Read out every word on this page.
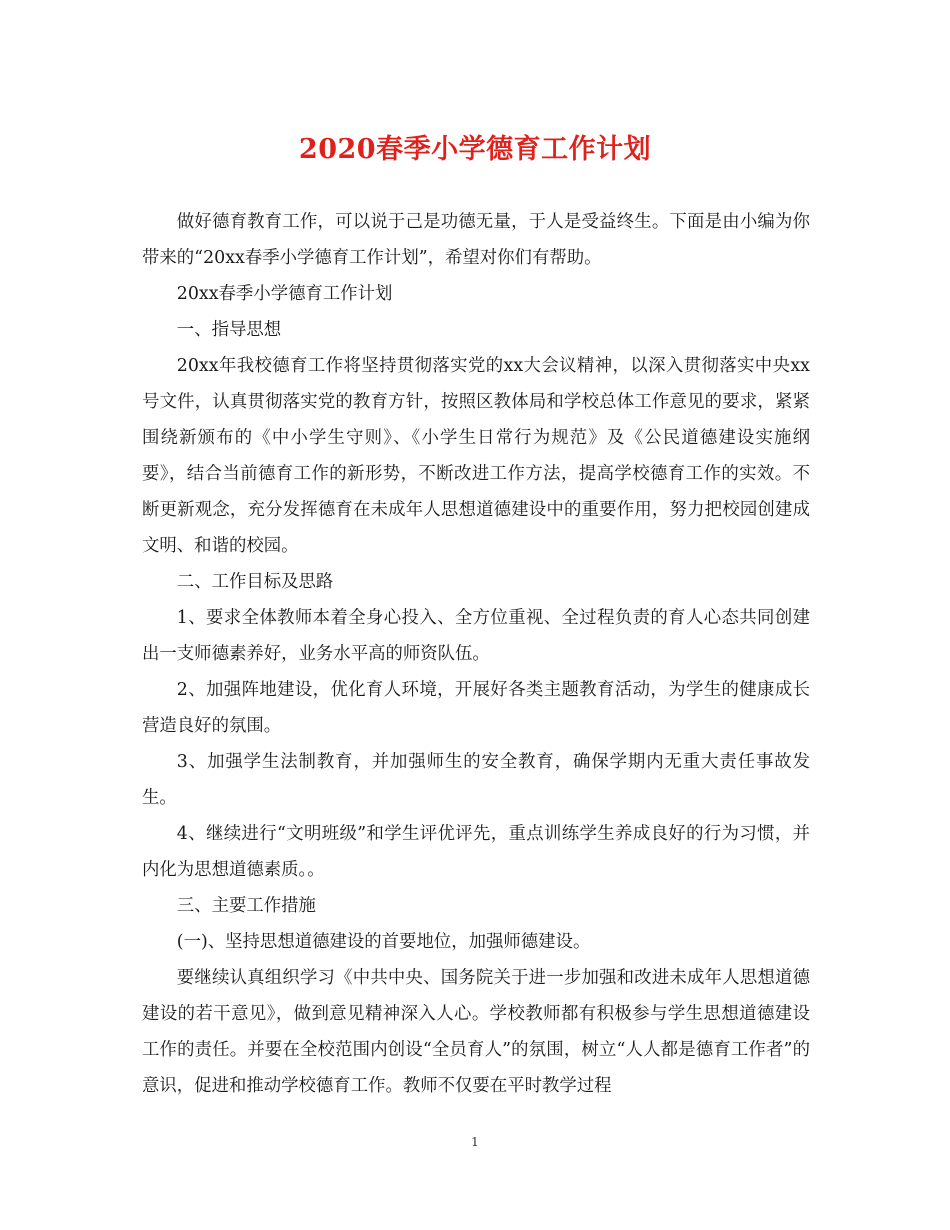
2020春季小学德育工作计划

做好德育教育工作，可以说于己是功德无量，于人是受益终生。下面是由小编为你带来的“20xx春季小学德育工作计划”，希望对你们有帮助。

20xx春季小学德育工作计划

一、指导思想

20xx年我校德育工作将坚持贯彻落实党的xx大会议精神，以深入贯彻落实中央xx号文件，认真贯彻落实党的教育方针，按照区教体局和学校总体工作意见的要求，紧紧围绕新颁布的《中小学生守则》、《小学生日常行为规范》及《公民道德建设实施纲要》，结合当前德育工作的新形势，不断改进工作方法，提高学校德育工作的实效。不断更新观念，充分发挥德育在未成年人思想道德建设中的重要作用，努力把校园创建成文明、和谐的校园。

二、工作目标及思路

1、要求全体教师本着全身心投入、全方位重视、全过程负责的育人心态共同创建出一支师德素养好，业务水平高的师资队伍。

2、加强阵地建设，优化育人环境，开展好各类主题教育活动，为学生的健康成长营造良好的氛围。

3、加强学生法制教育，并加强师生的安全教育，确保学期内无重大责任事故发生。

4、继续进行“文明班级”和学生评优评先，重点训练学生养成良好的行为习惯，并内化为思想道德素质。。

三、主要工作措施

(一)、坚持思想道德建设的首要地位，加强师德建设。

要继续认真组织学习《中共中央、国务院关于进一步加强和改进未成年人思想道德建设的若干意见》，做到意见精神深入人心。学校教师都有积极参与学生思想道德建设工作的责任。并要在全校范围内创设“全员育人”的氛围，树立“人人都是德育工作者”的意识，促进和推动学校德育工作。教师不仅要在平时教学过程

1
